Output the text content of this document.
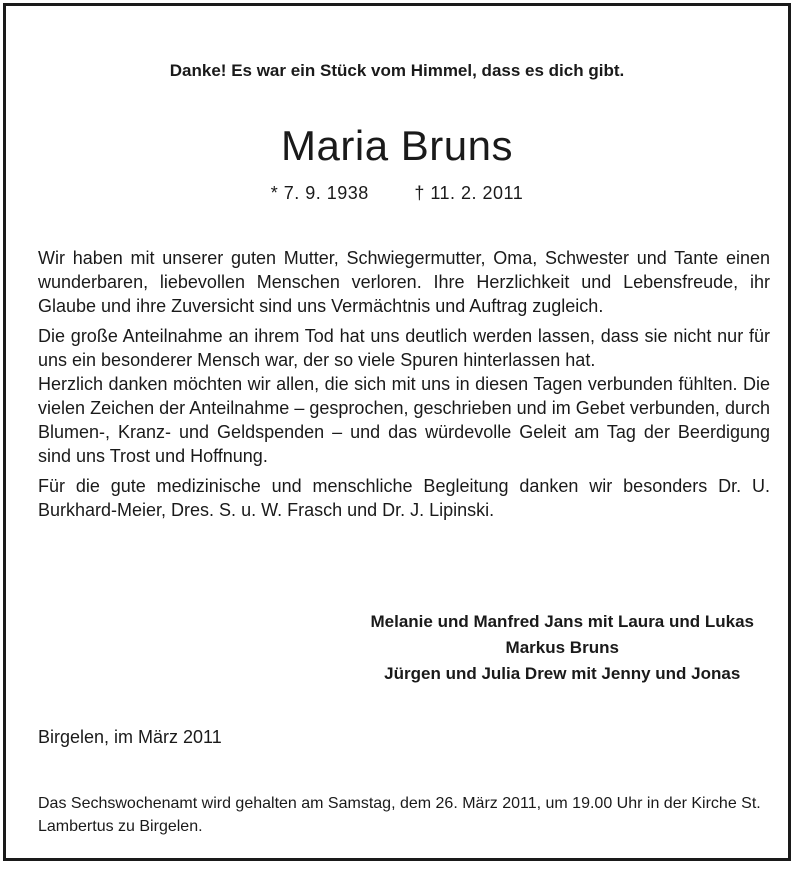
Danke! Es war ein Stück vom Himmel, dass es dich gibt.
Maria Bruns
* 7. 9. 1938	† 11. 2. 2011

Wir haben mit unserer guten Mutter, Schwiegermutter, Oma, Schwester und Tante einen wunderbaren, liebevollen Menschen verloren. Ihre Herzlichkeit und Lebensfreude, ihr Glaube und ihre Zuversicht sind uns Vermächtnis und Auftrag zugleich.

Die große Anteilnahme an ihrem Tod hat uns deutlich werden lassen, dass sie nicht nur für uns ein besonderer Mensch war, der so viele Spuren hinterlassen hat.

Herzlich danken möchten wir allen, die sich mit uns in diesen Tagen verbunden fühlten. Die vielen Zeichen der Anteilnahme – gesprochen, geschrieben und im Gebet verbunden, durch Blumen-, Kranz- und Geldspenden – und das würdevolle Geleit am Tag der Beerdigung sind uns Trost und Hoffnung.

Für die gute medizinische und menschliche Begleitung danken wir besonders Dr. U. Burkhard-Meier, Dres. S. u. W. Frasch und Dr. J. Lipinski.

Melanie und Manfred Jans mit Laura und Lukas
Markus Bruns
Jürgen und Julia Drew mit Jenny und Jonas
Birgelen, im März 2011
Das Sechswochenamt wird gehalten am Samstag, dem 26. März 2011, um 19.00 Uhr in der Kirche St. Lambertus zu Birgelen.
